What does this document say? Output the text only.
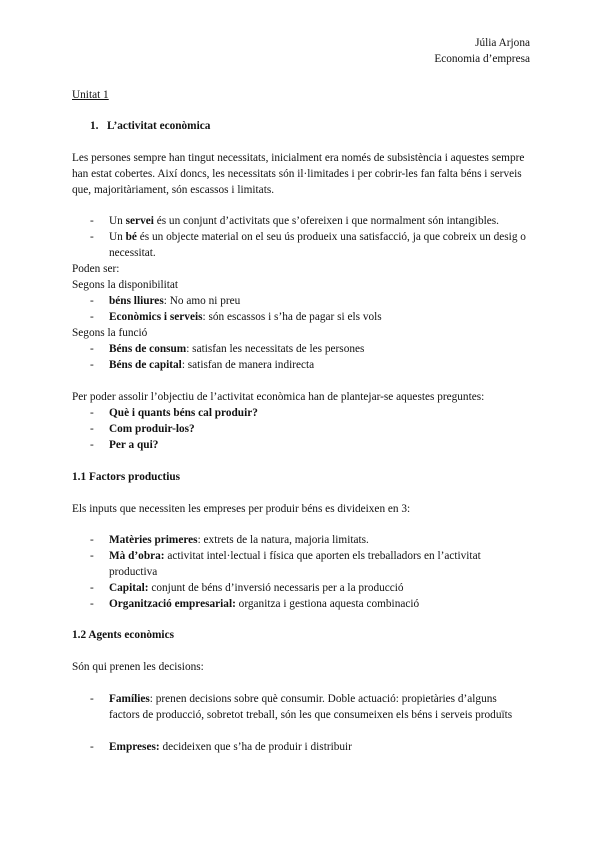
Júlia Arjona
Economia d’empresa
Unitat 1
1. L’activitat econòmica
Les persones sempre han tingut necessitats, inicialment era només de subsistència i aquestes sempre han estat cobertes. Així doncs, les necessitats són il·limitades i per cobrir-les fan falta béns i serveis que, majoritàriament, són escassos i limitats.
- Un servei és un conjunt d’activitats que s’ofereixen i que normalment són intangibles.
- Un bé és un objecte material on el seu ús produeix una satisfacció, ja que cobreix un desig o necessitat.
Poden ser:
Segons la disponibilitat
- béns lliures: No amo ni preu
- Econòmics i serveis: són escassos i s’ha de pagar si els vols
Segons la funció
- Béns de consum: satisfan les necessitats de les persones
- Béns de capital: satisfan de manera indirecta
Per poder assolir l’objectiu de l’activitat econòmica han de plantejar-se aquestes preguntes:
- Què i quants béns cal produir?
- Com produir-los?
- Per a qui?
1.1 Factors productius
Els inputs que necessiten les empreses per produir béns es divideixen en 3:
- Matèries primeres: extrets de la natura, majoria limitats.
- Mà d’obra: activitat intel·lectual i física que aporten els treballadors en l’activitat productiva
- Capital: conjunt de béns d’inversió necessaris per a la producció
- Organització empresarial: organitza i gestiona aquesta combinació
1.2 Agents econòmics
Són qui prenen les decisions:
- Famílies: prenen decisions sobre què consumir. Doble actuació: propietàries d’alguns factors de producció, sobretot treball, són les que consumeixen els béns i serveis produïts
- Empreses: decideixen que s’ha de produir i distribuir
